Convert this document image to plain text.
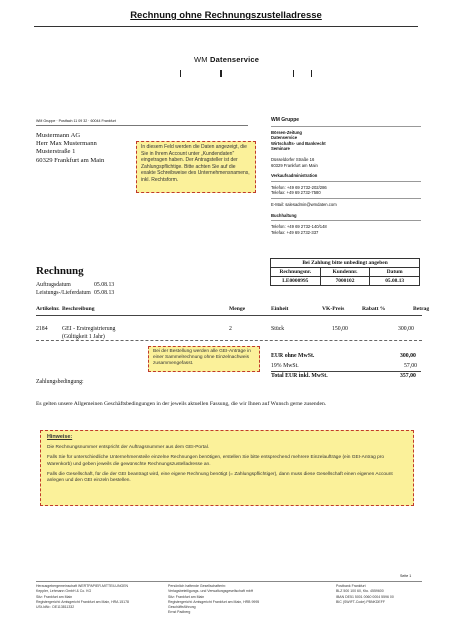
Rechnung ohne Rechnungszustelladresse
WM Datenservice
WM Gruppe · Postfach 11 09 32 · 60044 Frankfurt
Mustermann AG
Herr Max Mustermann
Musterstraße 1
60329 Frankfurt am Main
In diesem Feld werden die Daten angezeigt, die Sie in Ihrem Account unter „Kundendaten" eingetragen haben. Der Antragsteller ist der Zahlungspflichtige. Bitte achten Sie auf die exakte Schreibweise des Unternehmensnamens, inkl. Rechtsform.
WM Gruppe
Börsen-Zeitung
Datenservice
Wirtschafts- und Bankrecht
Seminare
Düsseldorfer Straße 16
60329 Frankfurt am Main
Verkaufsadministration
Telefon: +49 69 2732-202/286
Telefax: +49 69 2732-7580
E-Mail: salesadmin@wmdaten.com
Buchhaltung
Telefon: +49 69 2732-140/148
Telefax: +49 69 2732-337
Rechnung
Auftragsdatum	05.08.13
Leistungs-/Lieferdatum 05.08.13
Bei Zahlung bitte unbedingt angeben
Rechnungsnr.	Kundennr.	Datum
LE0000995	7000102	05.08.13
Artikelnr. Beschreibung	Menge	Einheit	VK-Preis	Rabatt %	Betrag
2184 GEI - Erstregistrierung
(Gültigkeit 1 Jahr)
2	Stück	150,00	300,00
Bei der Bestellung werden alle GEI-Anträge in einer Sammelrechnung ohne Einzelnachweis zusammengefasst.
EUR ohne MwSt.	300,00
19% MwSt.	57,00
Total EUR inkl. MwSt.	357,00
Zahlungsbedingung:
Es gelten unsere Allgemeinen Geschäftsbedingungen in der jeweils aktuellen Fassung, die wir Ihnen auf Wunsch gerne zusenden.

Hinweise:

Die Rechnungsnummer entspricht der Auftragsnummer aus dem GEI-Portal.

Falls Sie für unterschiedliche Unternehmensteile einzelne Rechnungen benötigen, erstellen Sie bitte entsprechend mehrere Einzelaufträge (ein GEI-Antrag pro Warenkorb) und geben jeweils die gewünschte Rechnungszustelladresse an.

Falls die Gesellschaft, für die der GEI beantragt wird, eine eigene Rechnung benötigt (= Zahlungspflichtiger), dann muss diese Gesellschaft einen eigenen Account anlegen und den GEI einzeln bestellen.

Seite 1
Herausgebergemeinschaft WERTPAPIER-MITTEILUNGEN
Keppler, Lehmann GmbH & Co. KG
Sitz: Frankfurt am Main
Registergericht: Amtsgericht Frankfurt am Main, HRA 15178
USt-IdNr.: DE113811332
Persönlich haftende Gesellschafterin:
Verlagsbeteiligungs- und Verwaltungsgesellschaft mbH
Sitz: Frankfurt am Main
Registergericht: Amtsgericht Frankfurt am Main, HRB 9995
Geschäftsführung
Ernst Padberg
Postbank Frankfurt
BLZ 500 100 60, Kto. 4559600
IBAN DE51 5001 0060 0004 5596 00
BIC (SWIFT-Code) PBNKDEFF
